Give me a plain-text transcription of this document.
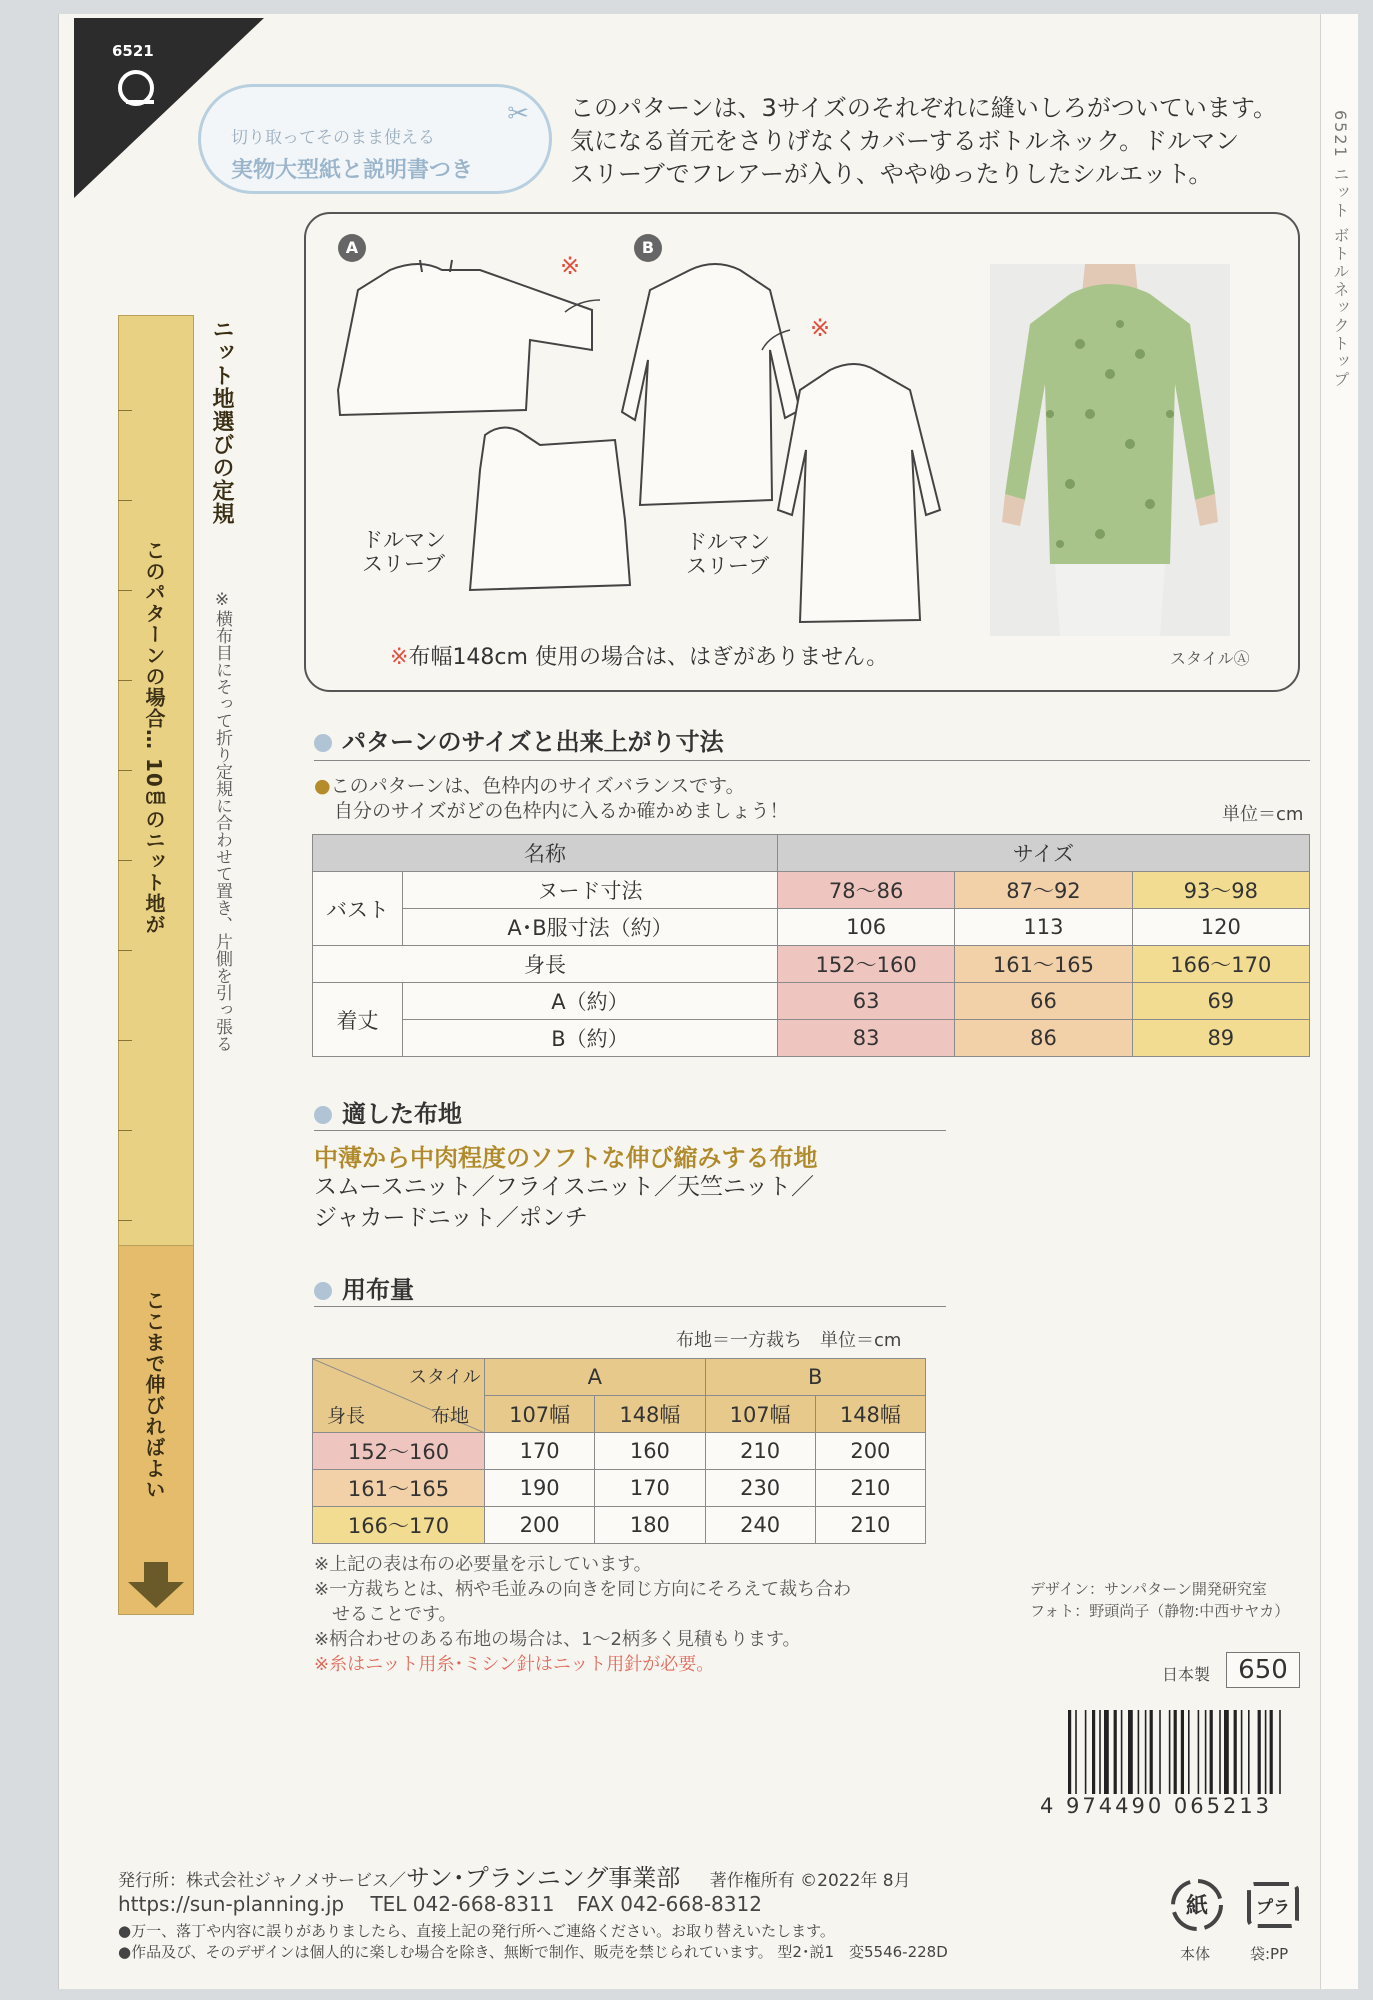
6521 ニット ボトルネックトップ
6521
✂
切り取ってそのまま使える
実物大型紙と説明書つき
このパターンは、3サイズのそれぞれに縫いしろがついています。
気になる首元をさりげなくカバーするボトルネック。ドルマン
スリーブでフレアーが入り、ややゆったりしたシルエット。
このパターンの場合… 10㎝のニット地が
ここまで伸びればよい
ニット地選びの定規
※横布目にそって折り定規に合わせて置き、片側を引っ張る
A	B
※
※
ドルマン
スリーブ
ドルマン
スリーブ
※布幅148cm 使用の場合は、はぎがありません。	スタイルⒶ
パターンのサイズと出来上がり寸法
●このパターンは、色枠内のサイズバランスです。
自分のサイズがどの色枠内に入るか確かめましょう！	単位＝cm
名称		サイズ		
バスト	ヌード寸法	78～86	87～92	93～98
	A･B服寸法（約）	106	113	120
身長		152～160	161～165	166～170
着丈	A（約）	63	66	69
	B（約）	83	86	89
適した布地
中薄から中肉程度のソフトな伸び縮みする布地
スムースニット／フライスニット／天竺ニット／
ジャカードニット／ポンチ
用布量
布地＝一方裁ち　単位＝cm
スタイル
身長 布地	A		B	
	107幅	148幅	107幅	148幅
152～160	170	160	210	200
161～165	190	170	230	210
166～170	200	180	240	210
※上記の表は布の必要量を示しています。
※一方裁ちとは、柄や毛並みの向きを同じ方向にそろえて裁ち合わ
　せることです。
※柄合わせのある布地の場合は、1～2柄多く見積もります。
※糸はニット用糸･ミシン針はニット用針が必要。
デザイン：サンパターン開発研究室
フォト：野頭尚子（静物:中西サヤカ）
日本製	650
4 974490 065213
発行所：株式会社ジャノメサービス／サン･プランニング事業部 著作権所有 ©2022年 8月
https://sun-planning.jp TEL 042-668-8311 FAX 042-668-8312
●万一、落丁や内容に誤りがありましたら、直接上記の発行所へご連絡ください。お取り替えいたします。
●作品及び、そのデザインは個人的に楽しむ場合を除き、無断で制作、販売を禁じられています。 型2･説1　変5546-228D
紙
本体
プラ
袋:PP
